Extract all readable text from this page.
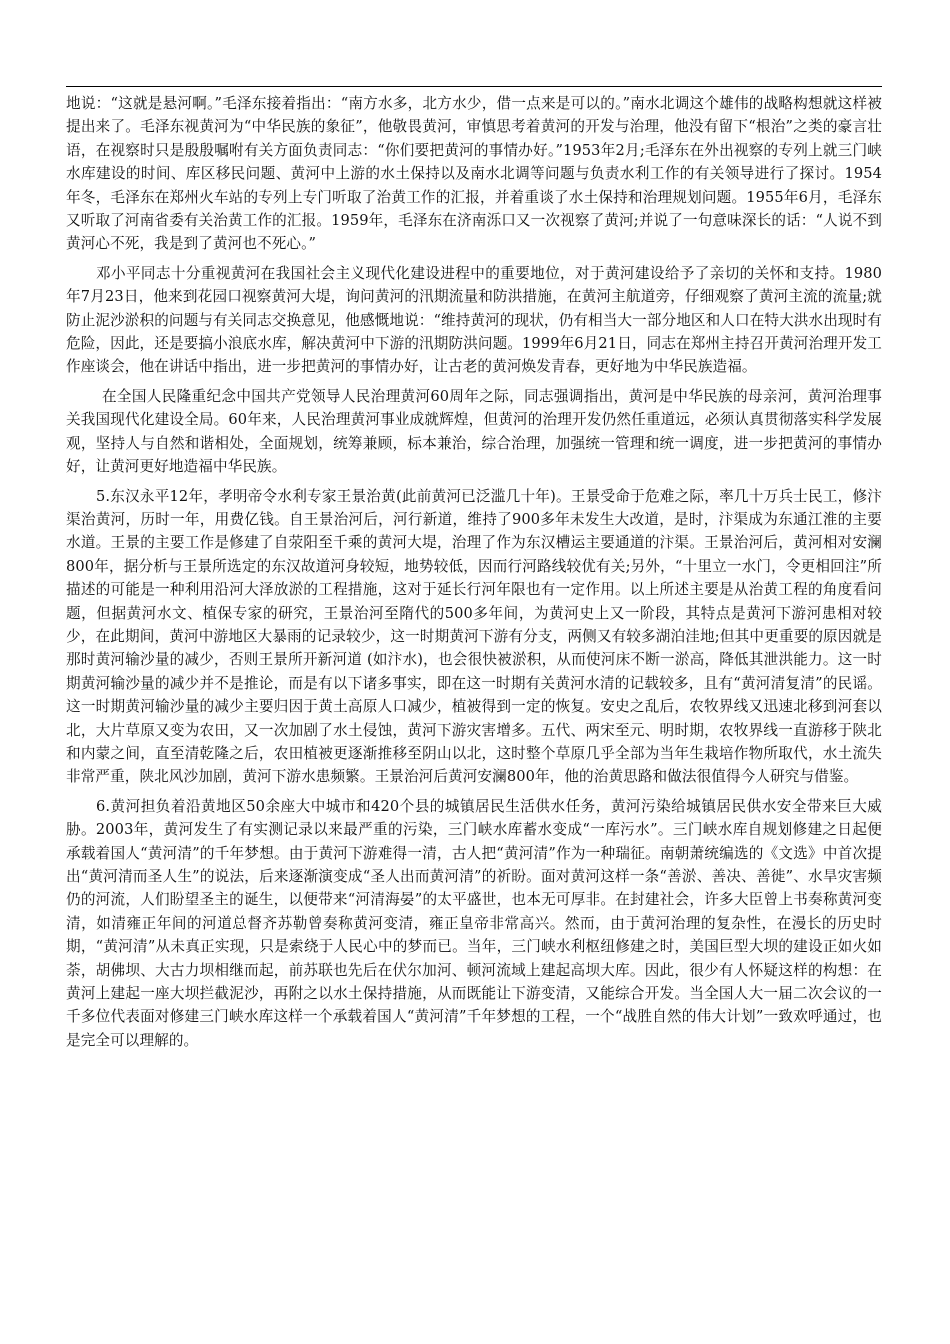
地说：“这就是悬河啊。”毛泽东接着指出：“南方水多，北方水少，借一点来是可以的。”南水北调这个雄伟的战略构想就这样被提出来了。毛泽东视黄河为“中华民族的象征”，他敬畏黄河，审慎思考着黄河的开发与治理，他没有留下“根治”之类的豪言壮语，在视察时只是殷殷嘱咐有关方面负责同志：“你们要把黄河的事情办好。”1953年2月;毛泽东在外出视察的专列上就三门峡水库建设的时间、库区移民问题、黄河中上游的水土保持以及南水北调等问题与负责水利工作的有关领导进行了探讨。1954年冬，毛泽东在郑州火车站的专列上专门听取了治黄工作的汇报，并着重谈了水土保持和治理规划问题。1955年6月，毛泽东又听取了河南省委有关治黄工作的汇报。1959年，毛泽东在济南泺口又一次视察了黄河;并说了一句意味深长的话：“人说不到黄河心不死，我是到了黄河也不死心。”

邓小平同志十分重视黄河在我国社会主义现代化建设进程中的重要地位，对于黄河建设给予了亲切的关怀和支持。1980年7月23日，他来到花园口视察黄河大堤，询问黄河的汛期流量和防洪措施，在黄河主航道旁，仔细观察了黄河主流的流量;就防止泥沙淤积的问题与有关同志交换意见，他感慨地说：“维持黄河的现状，仍有相当大一部分地区和人口在特大洪水出现时有危险，因此，还是要搞小浪底水库，解决黄河中下游的汛期防洪问题。1999年6月21日，同志在郑州主持召开黄河治理开发工作座谈会，他在讲话中指出，进一步把黄河的事情办好，让古老的黄河焕发青春，更好地为中华民族造福。

在全国人民隆重纪念中国共产党领导人民治理黄河60周年之际，同志强调指出，黄河是中华民族的母亲河，黄河治理事关我国现代化建设全局。60年来，人民治理黄河事业成就辉煌，但黄河的治理开发仍然任重道远，必须认真贯彻落实科学发展观，坚持人与自然和谐相处，全面规划，统筹兼顾，标本兼治，综合治理，加强统一管理和统一调度，进一步把黄河的事情办好，让黄河更好地造福中华民族。

5.东汉永平12年，孝明帝令水利专家王景治黄(此前黄河已泛滥几十年)。王景受命于危难之际，率几十万兵士民工，修汴渠治黄河，历时一年，用费亿钱。自王景治河后，河行新道，维持了900多年未发生大改道，是时，汴渠成为东通江淮的主要水道。王景的主要工作是修建了自荥阳至千乘的黄河大堤，治理了作为东汉槽运主要通道的汴渠。王景治河后，黄河相对安澜800年，据分析与王景所选定的东汉故道河身较短，地势较低，因而行河路线较优有关;另外，“十里立一水门，令更相回注”所描述的可能是一种利用沿河大泽放淤的工程措施，这对于延长行河年限也有一定作用。以上所述主要是从治黄工程的角度看问题，但据黄河水文、植保专家的研究，王景治河至隋代的500多年间，为黄河史上又一阶段，其特点是黄河下游河患相对较少，在此期间，黄河中游地区大暴雨的记录较少，这一时期黄河下游有分支，两侧又有较多湖泊洼地;但其中更重要的原因就是那时黄河输沙量的减少，否则王景所开新河道 (如汴水)，也会很快被淤积，从而使河床不断一淤高，降低其泄洪能力。这一时期黄河输沙量的减少并不是推论，而是有以下诸多事实，即在这一时期有关黄河水清的记载较多，且有“黄河清复清”的民谣。这一时期黄河输沙量的减少主要归因于黄土高原人口减少，植被得到一定的恢复。安史之乱后，农牧界线又迅速北移到河套以北，大片草原又变为农田，又一次加剧了水土侵蚀，黄河下游灾害增多。五代、两宋至元、明时期，农牧界线一直游移于陕北和内蒙之间，直至清乾隆之后，农田植被更逐渐推移至阴山以北，这时整个草原几乎全部为当年生栽培作物所取代，水土流失非常严重，陕北风沙加剧，黄河下游水患频繁。王景治河后黄河安澜800年，他的治黄思路和做法很值得今人研究与借鉴。

6.黄河担负着沿黄地区50余座大中城市和420个县的城镇居民生活供水任务，黄河污染给城镇居民供水安全带来巨大威胁。2003年，黄河发生了有实测记录以来最严重的污染，三门峡水库蓄水变成“一库污水”。三门峡水库自规划修建之日起便承载着国人“黄河清”的千年梦想。由于黄河下游难得一清，古人把“黄河清”作为一种瑞征。南朝萧统编选的《文选》中首次提出“黄河清而圣人生”的说法，后来逐渐演变成“圣人出而黄河清”的祈盼。面对黄河这样一条“善淤、善决、善徙”、水旱灾害频仍的河流，人们盼望圣主的诞生，以便带来“河清海晏”的太平盛世，也本无可厚非。在封建社会，许多大臣曾上书奏称黄河变清，如清雍正年间的河道总督齐苏勒曾奏称黄河变清，雍正皇帝非常高兴。然而，由于黄河治理的复杂性，在漫长的历史时期，“黄河清”从未真正实现，只是索绕于人民心中的梦而已。当年，三门峡水利枢纽修建之时，美国巨型大坝的建设正如火如荼，胡佛坝、大古力坝相继而起，前苏联也先后在伏尔加河、顿河流域上建起高坝大库。因此，很少有人怀疑这样的构想：在黄河上建起一座大坝拦截泥沙，再附之以水土保持措施，从而既能让下游变清，又能综合开发。当全国人大一届二次会议的一千多位代表面对修建三门峡水库这样一个承载着国人“黄河清”千年梦想的工程，一个“战胜自然的伟大计划”一致欢呼通过，也是完全可以理解的。
